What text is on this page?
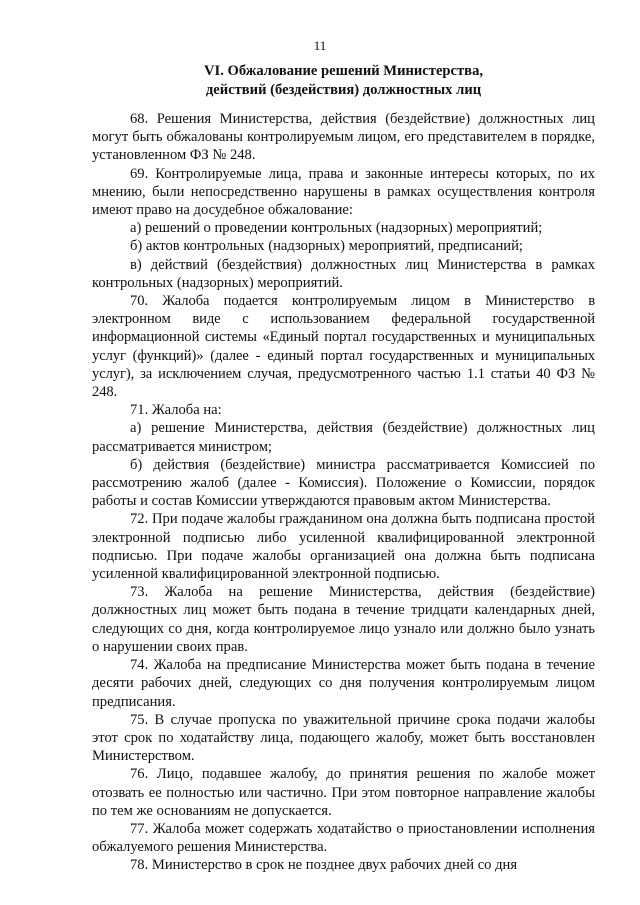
11
VI. Обжалование решений Министерства,
действий (бездействия) должностных лиц

68. Решения Министерства, действия (бездействие) должностных лиц могут быть обжалованы контролируемым лицом, его представителем в порядке, установленном ФЗ № 248.

69. Контролируемые лица, права и законные интересы которых, по их мнению, были непосредственно нарушены в рамках осуществления контроля имеют право на досудебное обжалование:

а) решений о проведении контрольных (надзорных) мероприятий;

б) актов контрольных (надзорных) мероприятий, предписаний;

в) действий (бездействия) должностных лиц Министерства в рамках контрольных (надзорных) мероприятий.

70. Жалоба подается контролируемым лицом в Министерство в электронном виде с использованием федеральной государственной информационной системы «Единый портал государственных и муниципальных услуг (функций)» (далее - единый портал государственных и муниципальных услуг), за исключением случая, предусмотренного частью 1.1 статьи 40 ФЗ № 248.

71. Жалоба на:

а) решение Министерства, действия (бездействие) должностных лиц рассматривается министром;

б) действия (бездействие) министра рассматривается Комиссией по рассмотрению жалоб (далее - Комиссия). Положение о Комиссии, порядок работы и состав Комиссии утверждаются правовым актом Министерства.

72. При подаче жалобы гражданином она должна быть подписана простой электронной подписью либо усиленной квалифицированной электронной подписью. При подаче жалобы организацией она должна быть подписана усиленной квалифицированной электронной подписью.

73. Жалоба на решение Министерства, действия (бездействие) должностных лиц может быть подана в течение тридцати календарных дней, следующих со дня, когда контролируемое лицо узнало или должно было узнать о нарушении своих прав.

74. Жалоба на предписание Министерства может быть подана в течение десяти рабочих дней, следующих со дня получения контролируемым лицом предписания.

75. В случае пропуска по уважительной причине срока подачи жалобы этот срок по ходатайству лица, подающего жалобу, может быть восстановлен Министерством.

76. Лицо, подавшее жалобу, до принятия решения по жалобе может отозвать ее полностью или частично. При этом повторное направление жалобы по тем же основаниям не допускается.

77. Жалоба может содержать ходатайство о приостановлении исполнения обжалуемого решения Министерства.

78. Министерство в срок не позднее двух рабочих дней со дня
